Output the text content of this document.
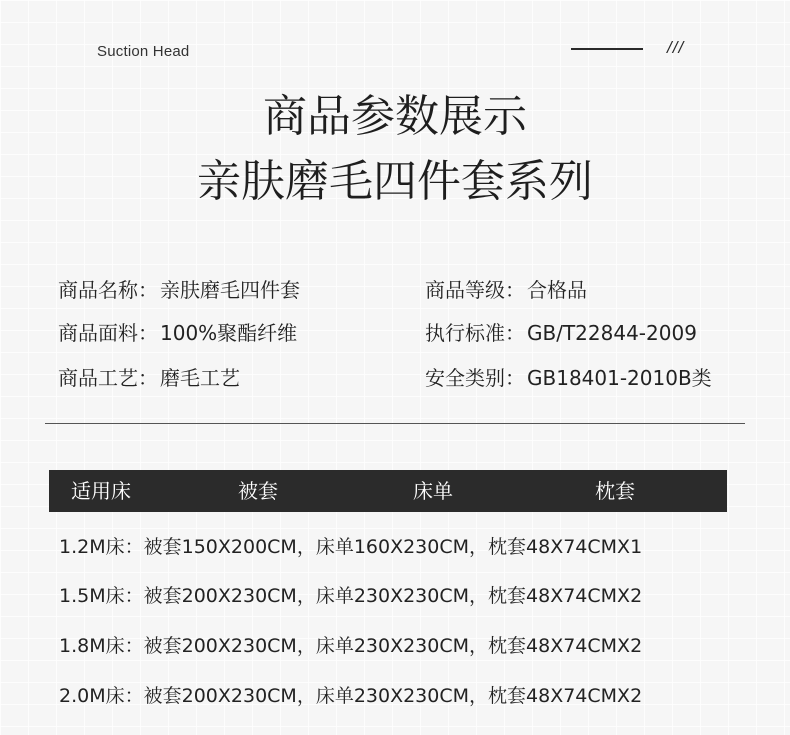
Suction Head	///
商品参数展示
亲肤磨毛四件套系列
商品名称： 亲肤磨毛四件套	商品等级： 合格品
商品面料： 100%聚酯纤维	执行标准： GB/T22844-2009
商品工艺： 磨毛工艺	安全类别： GB18401-2010B类
适用床	被套	床单	枕套
1.2M床：被套150X200CM，床单160X230CM，枕套48X74CMX1
1.5M床：被套200X230CM，床单230X230CM，枕套48X74CMX2
1.8M床：被套200X230CM，床单230X230CM，枕套48X74CMX2
2.0M床：被套200X230CM，床单230X230CM，枕套48X74CMX2
